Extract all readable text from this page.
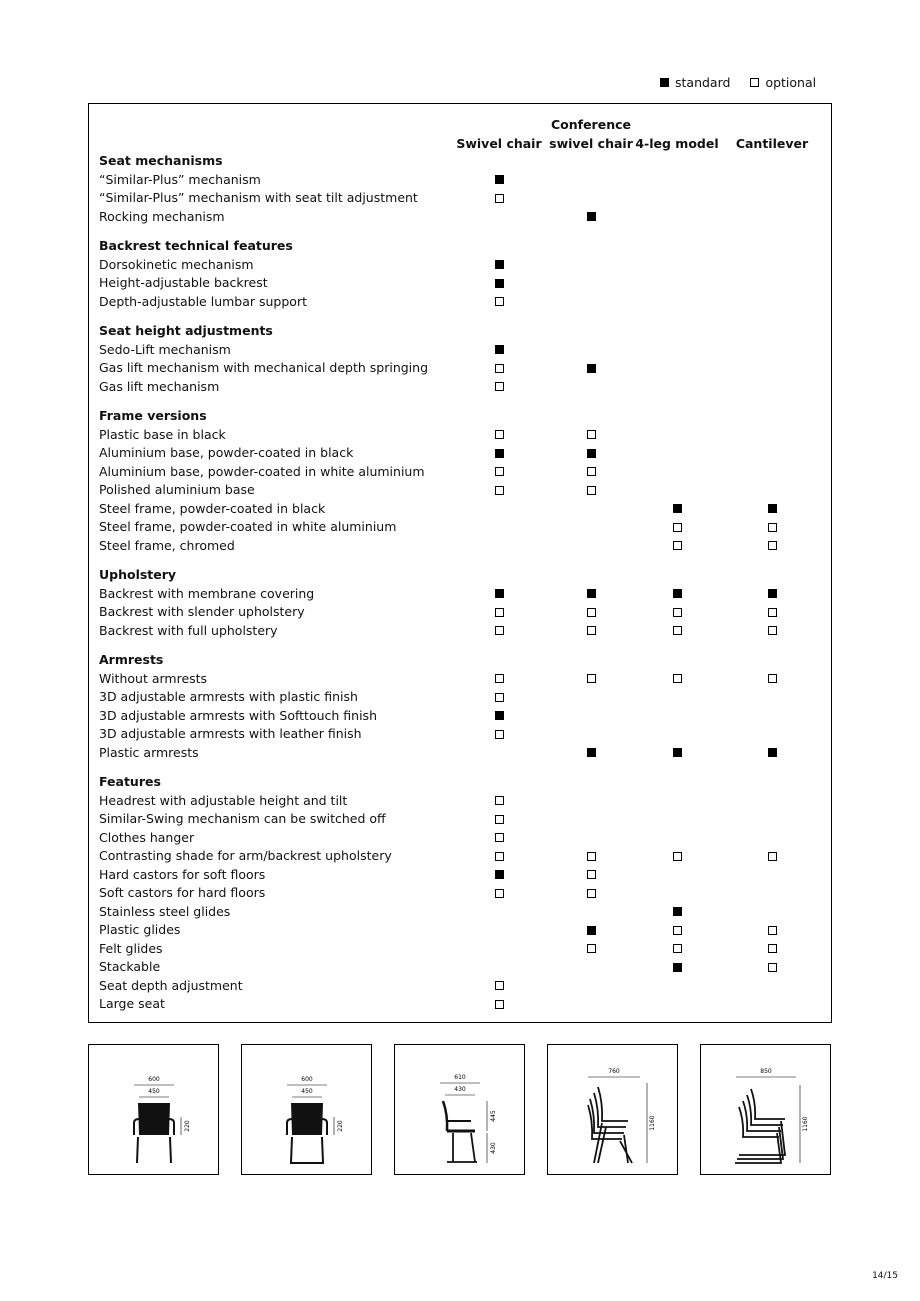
standard	optional
Swivel chair
Conference
swivel chair 4-leg model	Cantilever
Seat mechanisms
“Similar-Plus” mechanism
“Similar-Plus” mechanism with seat tilt adjustment
Rocking mechanism
Backrest technical features
Dorsokinetic mechanism
Height-adjustable backrest
Depth-adjustable lumbar support
Seat height adjustments
Sedo-Lift mechanism
Gas lift mechanism with mechanical depth springing
Gas lift mechanism
Frame versions
Plastic base in black
Aluminium base, powder-coated in black
Aluminium base, powder-coated in white aluminium
Polished aluminium base
Steel frame, powder-coated in black
Steel frame, powder-coated in white aluminium
Steel frame, chromed
Upholstery
Backrest with membrane covering
Backrest with slender upholstery
Backrest with full upholstery
Armrests
Without armrests
3D adjustable armrests with plastic finish
3D adjustable armrests with Softtouch finish
3D adjustable armrests with leather finish
Plastic armrests
Features
Headrest with adjustable height and tilt
Similar-Swing mechanism can be switched off
Clothes hanger
Contrasting shade for arm/backrest upholstery
Hard castors for soft floors
Soft castors for hard floors
Stainless steel glides
Plastic glides
Felt glides
Stackable
Seat depth adjustment
Large seat
600
450
220
600
450
220
610
430
445
430
760
1160
850
1160
14/15
